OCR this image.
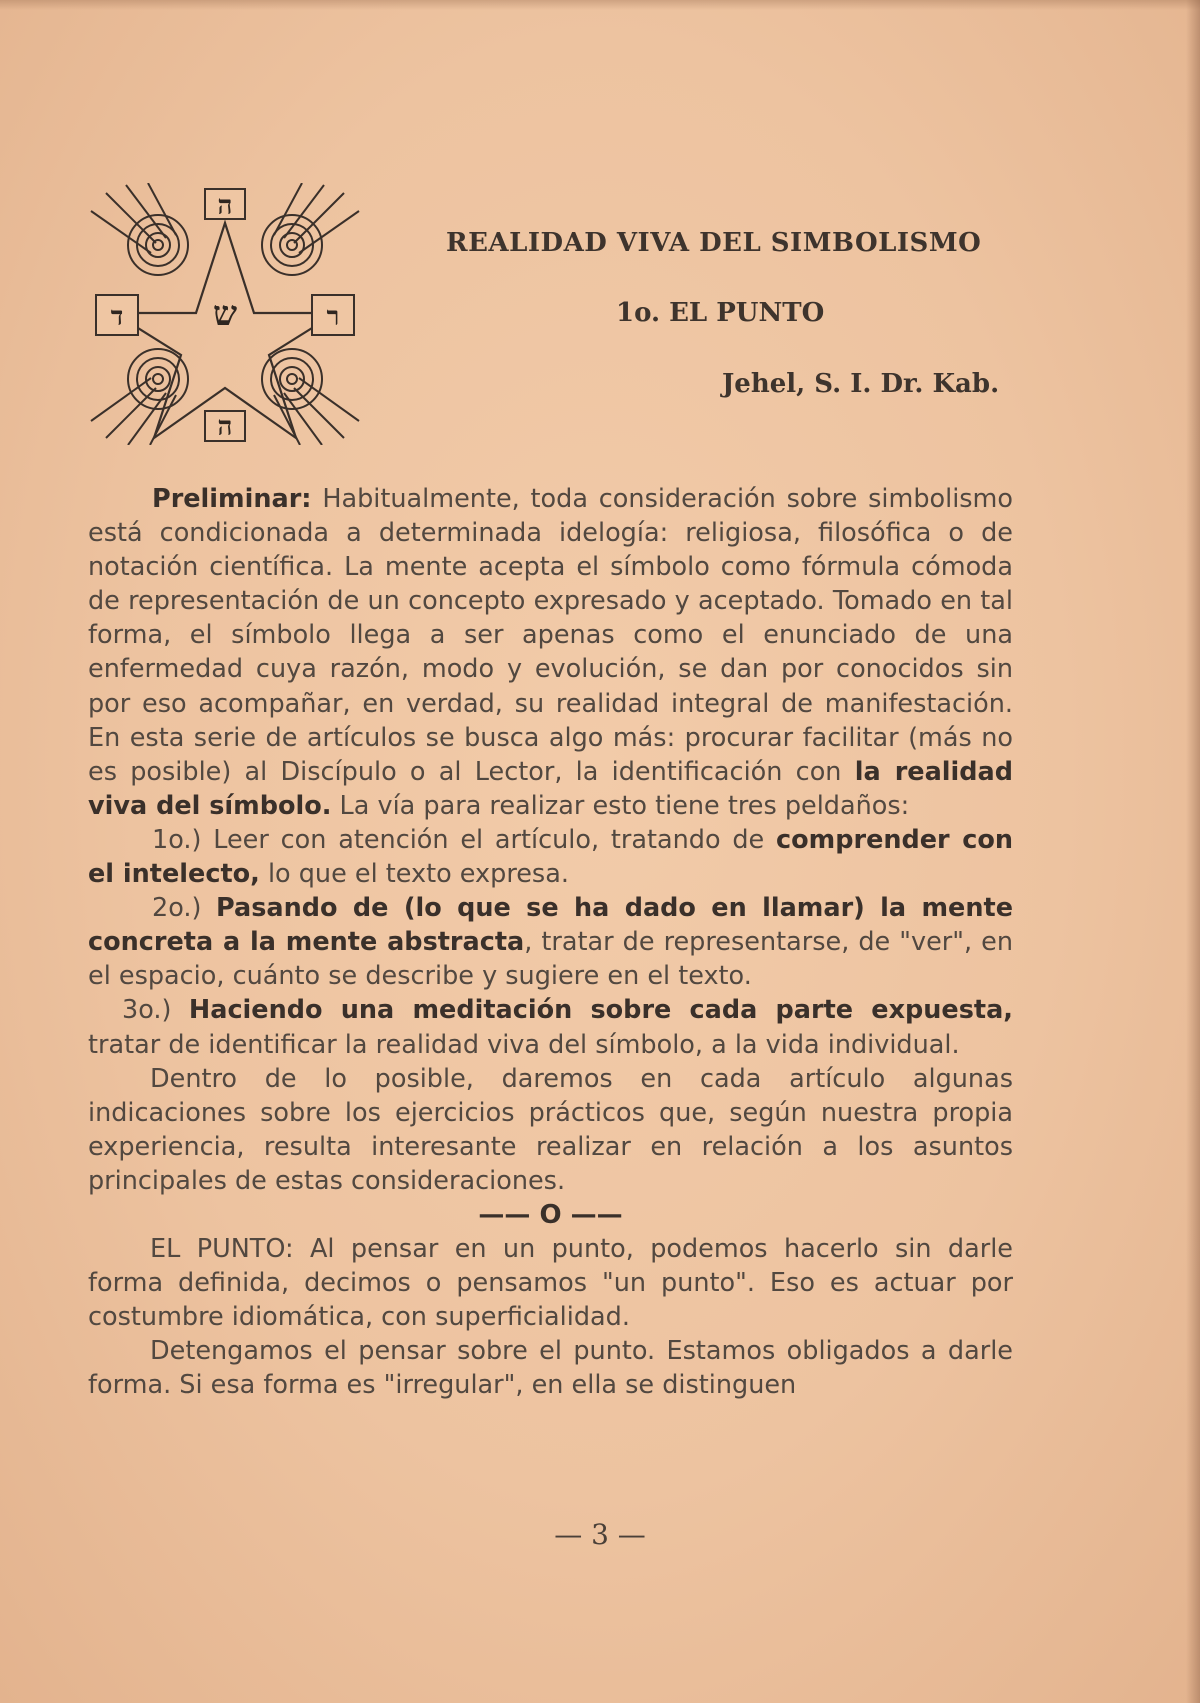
ה
ד	ר
ה
ש
REALIDAD VIVA DEL SIMBOLISMO
1o. EL PUNTO
Jehel, S. I. Dr. Kab.

Preliminar: Habitualmente, toda consideración sobre simbolismo está condicionada a determinada idelogía: religiosa, filosófica o de notación científica. La mente acepta el símbolo como fórmula cómoda de representación de un concepto expresado y aceptado. Tomado en tal forma, el símbolo llega a ser apenas como el enunciado de una enfermedad cuya razón, modo y evolución, se dan por conocidos sin por eso acompañar, en verdad, su realidad integral de manifestación. En esta serie de artículos se busca algo más: procurar facilitar (más no es posible) al Discípulo o al Lector, la identificación con la realidad viva del símbolo. La vía para realizar esto tiene tres peldaños:

1o.) Leer con atención el artículo, tratando de comprender con el intelecto, lo que el texto expresa.

2o.) Pasando de (lo que se ha dado en llamar) la mente concreta a la mente abstracta, tratar de representarse, de "ver", en el espacio, cuánto se describe y sugiere en el texto.

3o.) Haciendo una meditación sobre cada parte expuesta, tratar de identificar la realidad viva del símbolo, a la vida individual.

Dentro de lo posible, daremos en cada artículo algunas indicaciones sobre los ejercicios prácticos que, según nuestra propia experiencia, resulta interesante realizar en relación a los asuntos principales de estas consideraciones.

—— O ——

EL PUNTO: Al pensar en un punto, podemos hacerlo sin darle forma definida, decimos o pensamos "un punto". Eso es actuar por costumbre idiomática, con superficialidad.

Detengamos el pensar sobre el punto. Estamos obligados a darle forma. Si esa forma es "irregular", en ella se distinguen

— 3 —
